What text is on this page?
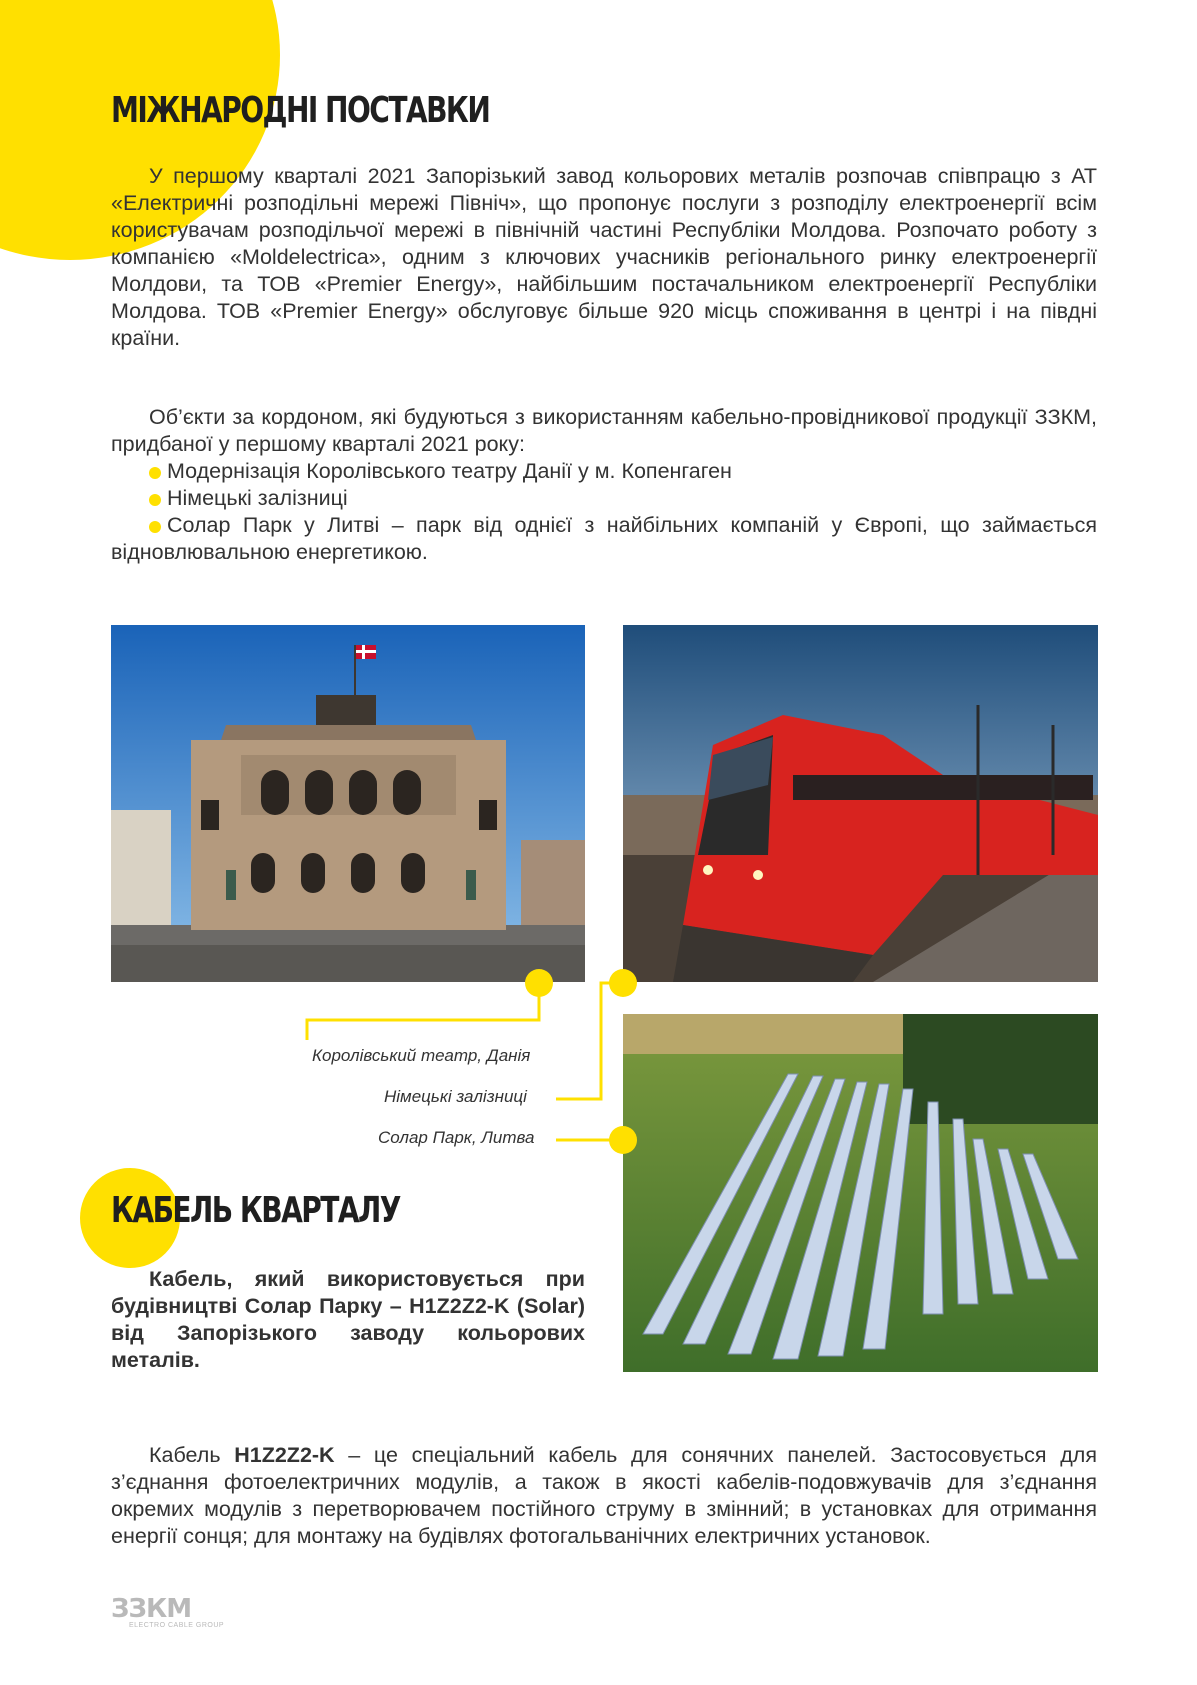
МІЖНАРОДНІ ПОСТАВКИ

У першому кварталі 2021 Запорізький завод кольорових металів розпочав співпрацю з АТ «Електричні розподільні мережі Північ», що пропонує послуги з розподілу електроенергії всім користувачам розподільчої мережі в північній частині Республіки Молдова. Розпочато роботу з компанією «Moldelectrica», одним з ключових учасників регіонального ринку електроенергії Молдови, та ТОВ «Premier Energy», найбільшим постачальником електроенергії Республіки Молдова. ТОВ «Premier Energy» обслуговує більше 920 місць споживання в центрі і на півдні країни.

Об’єкти за кордоном, які будуються з використанням кабельно-провідникової продукції ЗЗКМ, придбаної у першому кварталі 2021 року:

Модернізація Королівського театру Данії у м. Копенгаген
Німецькі залізниці
Солар Парк у Литві – парк від однієї з найбільних компаній у Європі, що займається відновлювальною енергетикою.
Королівський театр, Данія
Німецькі залізниці
Солар Парк, Литва
КАБЕЛЬ КВАРТАЛУ

Кабель, який використовується при будівництві Солар Парку – H1Z2Z2-K (Solar) від Запорізького заводу кольорових металів.

Кабель H1Z2Z2-K – це спеціальний кабель для сонячних панелей. Застосовується для з’єднання фотоелектричних модулів, а також в якості кабелів-подовжувачів для з’єднання окремих модулів з перетворювачем постійного струму в змінний; в установках для отримання енергії сонця; для монтажу на будівлях фотогальванічних електричних установок.

ЗЗКМ
ELECTRO CABLE GROUP
